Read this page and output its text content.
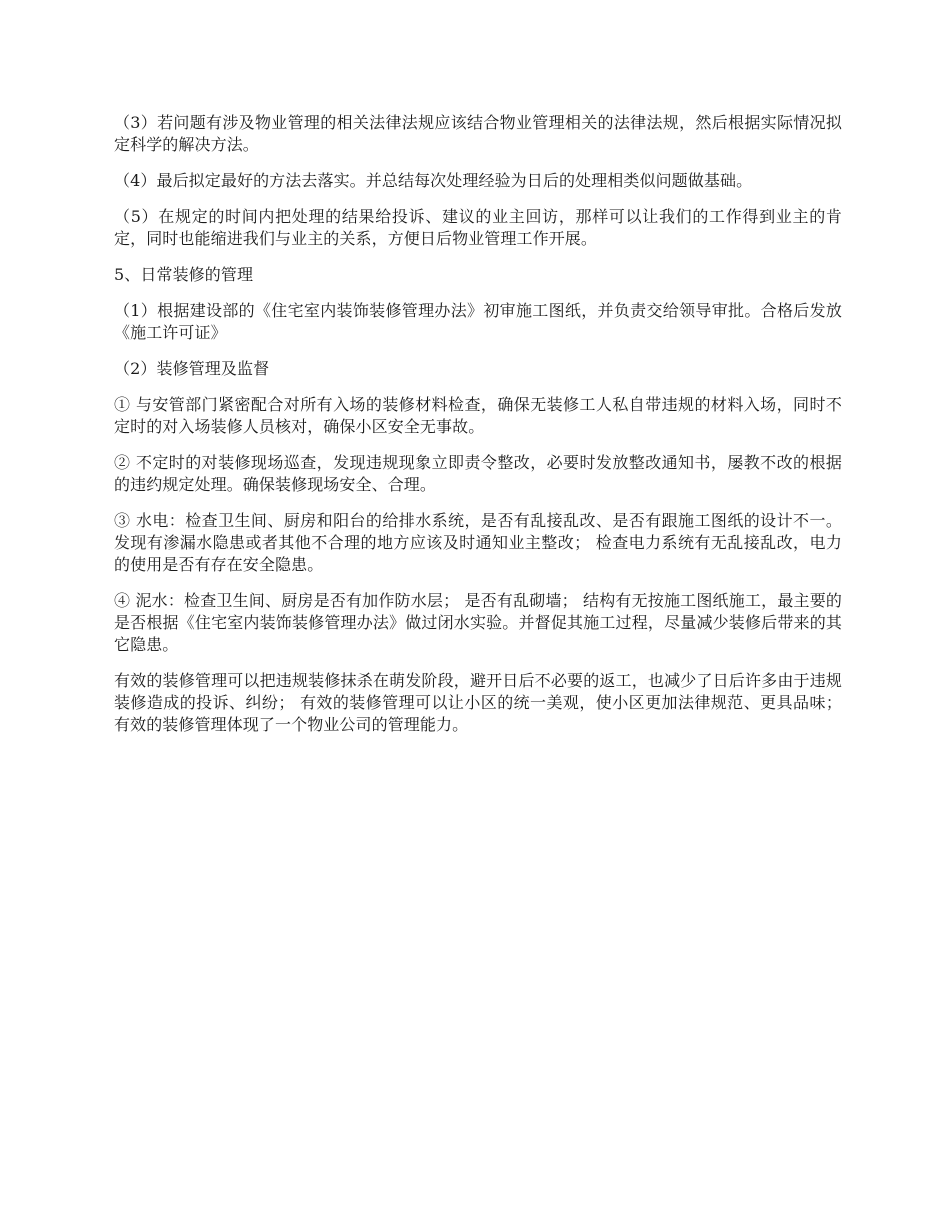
（3）若问题有涉及物业管理的相关法律法规应该结合物业管理相关的法律法规，然后根据实际情况拟定科学的解决方法。

（4）最后拟定最好的方法去落实。并总结每次处理经验为日后的处理相类似问题做基础。

（5）在规定的时间内把处理的结果给投诉、建议的业主回访，那样可以让我们的工作得到业主的肯定，同时也能缩进我们与业主的关系，方便日后物业管理工作开展。

5、日常装修的管理

（1）根据建设部的《住宅室内装饰装修管理办法》初审施工图纸，并负责交给领导审批。合格后发放《施工许可证》

（2）装修管理及监督

① 与安管部门紧密配合对所有入场的装修材料检查，确保无装修工人私自带违规的材料入场，同时不定时的对入场装修人员核对，确保小区安全无事故。

② 不定时的对装修现场巡查，发现违规现象立即责令整改，必要时发放整改通知书，屡教不改的根据的违约规定处理。确保装修现场安全、合理。

③ 水电：检查卫生间、厨房和阳台的给排水系统，是否有乱接乱改、是否有跟施工图纸的设计不一。发现有渗漏水隐患或者其他不合理的地方应该及时通知业主整改； 检查电力系统有无乱接乱改，电力的使用是否有存在安全隐患。

④ 泥水：检查卫生间、厨房是否有加作防水层； 是否有乱砌墙； 结构有无按施工图纸施工，最主要的是否根据《住宅室内装饰装修管理办法》做过闭水实验。并督促其施工过程，尽量减少装修后带来的其它隐患。

有效的装修管理可以把违规装修抹杀在萌发阶段，避开日后不必要的返工，也减少了日后许多由于违规装修造成的投诉、纠纷； 有效的装修管理可以让小区的统一美观，使小区更加法律规范、更具品味； 有效的装修管理体现了一个物业公司的管理能力。
